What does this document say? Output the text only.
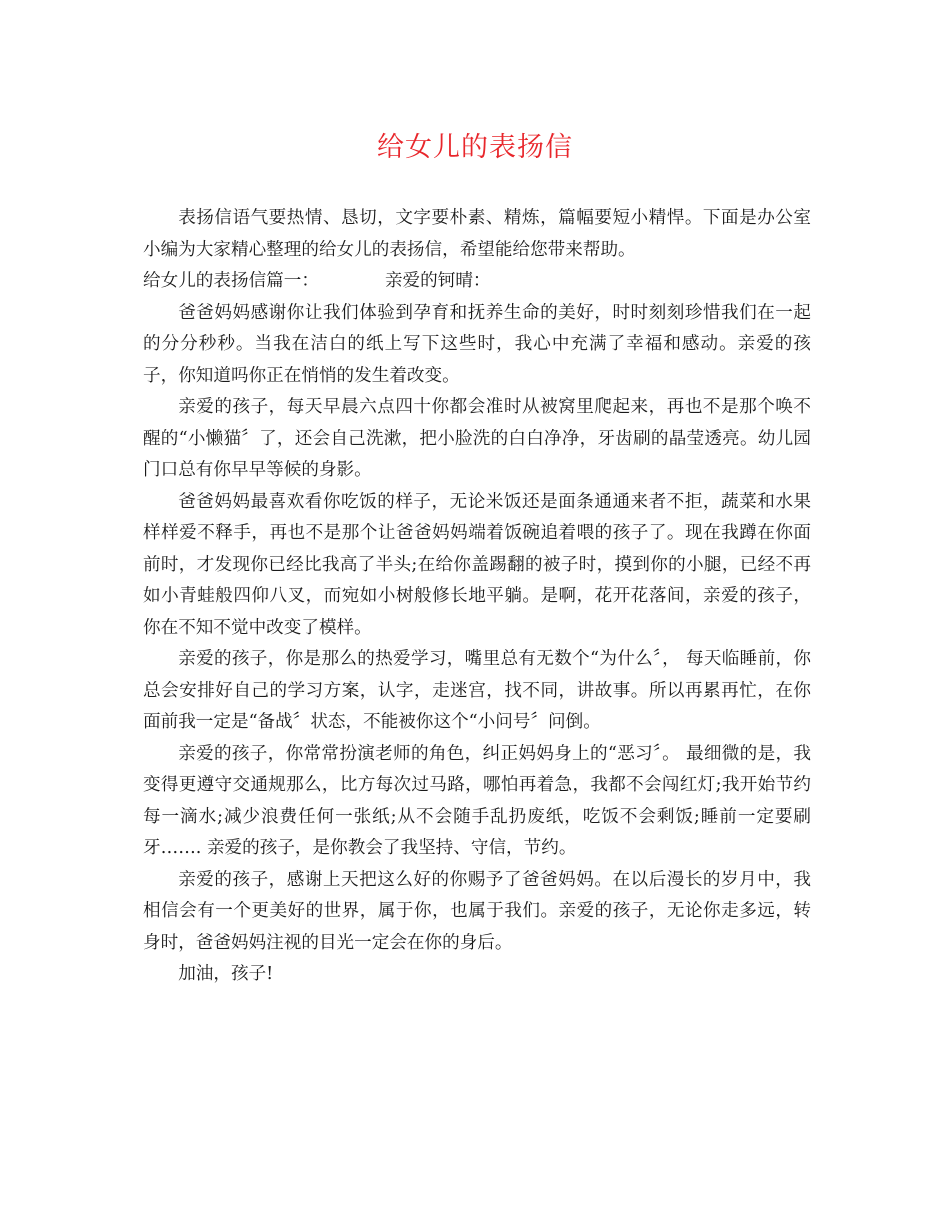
给女儿的表扬信

表扬信语气要热情、恳切，文字要朴素、精炼，篇幅要短小精悍。下面是办公室小编为大家精心整理的给女儿的表扬信，希望能给您带来帮助。

给女儿的表扬信篇一：	亲爱的钶晴：

爸爸妈妈感谢你让我们体验到孕育和抚养生命的美好，时时刻刻珍惜我们在一起的分分秒秒。当我在洁白的纸上写下这些时，我心中充满了幸福和感动。亲爱的孩子，你知道吗你正在悄悄的发生着改变。

亲爱的孩子，每天早晨六点四十你都会准时从被窝里爬起来，再也不是那个唤不醒的“小懒猫〞了，还会自己洗漱，把小脸洗的白白净净，牙齿刷的晶莹透亮。幼儿园门口总有你早早等候的身影。

爸爸妈妈最喜欢看你吃饭的样子，无论米饭还是面条通通来者不拒，蔬菜和水果样样爱不释手，再也不是那个让爸爸妈妈端着饭碗追着喂的孩子了。现在我蹲在你面前时，才发现你已经比我高了半头;在给你盖踢翻的被子时，摸到你的小腿，已经不再如小青蛙般四仰八叉，而宛如小树般修长地平躺。是啊，花开花落间，亲爱的孩子，你在不知不觉中改变了模样。

亲爱的孩子，你是那么的热爱学习，嘴里总有无数个“为什么〞， 每天临睡前，你总会安排好自己的学习方案，认字，走迷宫，找不同，讲故事。所以再累再忙，在你面前我一定是“备战〞状态，不能被你这个“小问号〞问倒。

亲爱的孩子，你常常扮演老师的角色，纠正妈妈身上的“恶习〞。 最细微的是，我变得更遵守交通规那么，比方每次过马路，哪怕再着急，我都不会闯红灯;我开始节约每一滴水;减少浪费任何一张纸;从不会随手乱扔废纸，吃饭不会剩饭;睡前一定要刷牙……. 亲爱的孩子，是你教会了我坚持、守信，节约。

亲爱的孩子，感谢上天把这么好的你赐予了爸爸妈妈。在以后漫长的岁月中，我相信会有一个更美好的世界，属于你，也属于我们。亲爱的孩子，无论你走多远，转身时，爸爸妈妈注视的目光一定会在你的身后。

加油，孩子!
